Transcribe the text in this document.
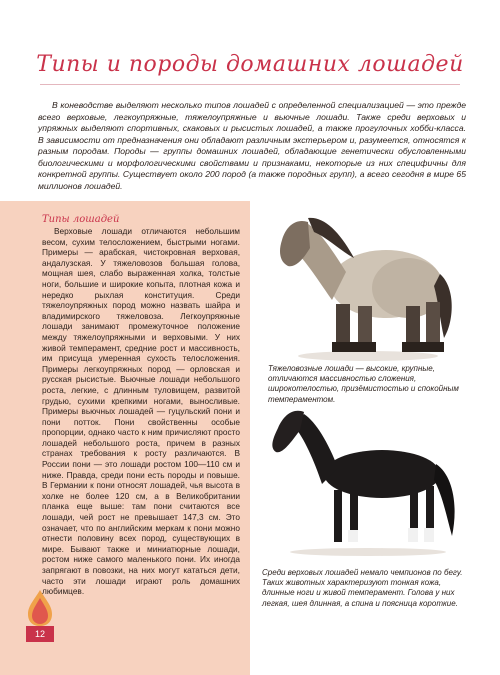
Типы и породы домашних лошадей

В коневодстве выделяют несколько типов лошадей с определенной специализацией — это прежде всего верховые, легкоупряжные, тяжелоупряжные и вьючные лошади. Также среди верховых и упряжных выделяют спортивных, скаковых и рысистых лошадей, а также прогулочных хобби-класса. В зависимости от предназначения они обладают различным экстерьером и, разумеется, относятся к разным породам. Породы — группы домашних лошадей, обладающие генетически обусловленными биологическими и морфологическими свойствами и признаками, некоторые из них специфичны для конкретной группы. Существует около 200 пород (а также породных групп), а всего сегодня в мире 65 миллионов лошадей.

Типы лошадей

Верховые лошади отличаются небольшим весом, сухим телосложением, быстрыми ногами. Примеры — арабская, чистокровная верховая, андалузская. У тяжеловозов большая голова, мощная шея, слабо выраженная холка, толстые ноги, большие и широкие копыта, плотная кожа и нередко рыхлая конституция. Среди тяжелоупряжных пород можно назвать шайра и владимирского тяжеловоза. Легкоупряжные лошади занимают промежуточное положение между тяжелоупряжными и верховыми. У них живой темперамент, средние рост и массивность, им присуща умеренная сухость телосложения. Примеры легкоупряжных пород — орловская и русская рысистые. Вьючные лошади небольшого роста, легкие, с длинным туловищем, развитой грудью, сухими крепкими ногами, выносливые. Примеры вьючных лошадей — гуцульский пони и пони потток. Пони свойственны особые пропорции, однако часто к ним причисляют просто лошадей небольшого роста, причем в разных странах требования к росту различаются. В России пони — это лошади ростом 100—110 см и ниже. Правда, среди пони есть породы и повыше. В Германии к пони относят лошадей, чья высота в холке не более 120 см, а в Великобритании планка еще выше: там пони считаются все лошади, чей рост не превышает 147,3 см. Это означает, что по английским меркам к пони можно отнести половину всех пород, существующих в мире. Бывают также и миниатюрные лошади, ростом ниже самого маленького пони. Их иногда запрягают в повозки, на них могут кататься дети, часто эти лошади играют роль домашних любимцев.

Тяжеловозные лошади — высокие, крупные, отличаются массивностью сложения, широкотелостью, призёмистостью и спокойным темпераментом.

Среди верховых лошадей немало чемпионов по бегу. Таких животных характеризуют тонкая кожа, длинные ноги и живой темперамент. Голова у них легкая, шея длинная, а спина и поясница короткие.

12
